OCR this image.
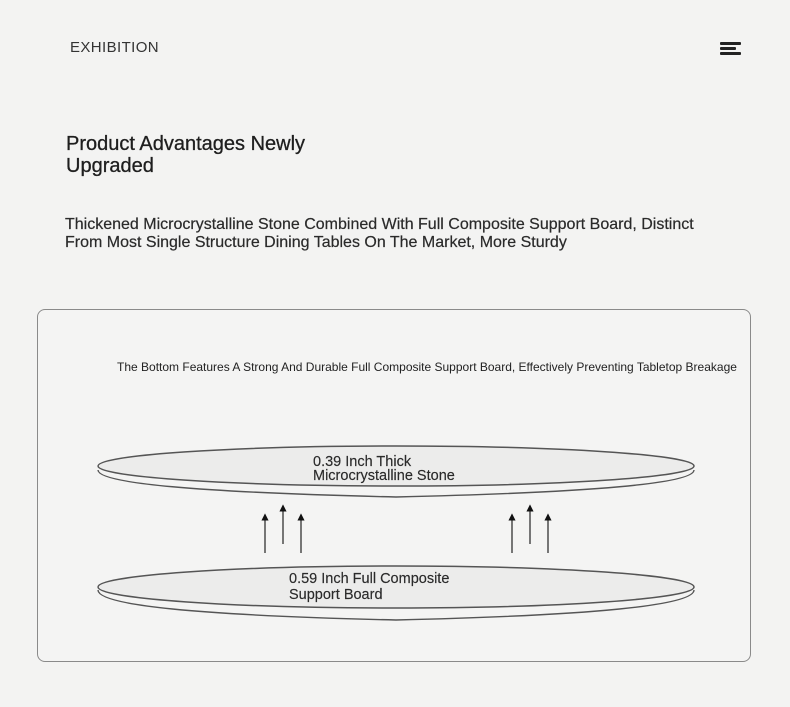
EXHIBITION
Product Advantages Newly Upgraded

Thickened Microcrystalline Stone Combined With Full Composite Support Board, Distinct From Most Single Structure Dining Tables On The Market, More Sturdy

The Bottom Features A Strong And Durable Full Composite Support Board, Effectively Preventing Tabletop Breakage
0.39 Inch Thick
Microcrystalline Stone
0.59 Inch Full Composite
Support Board
